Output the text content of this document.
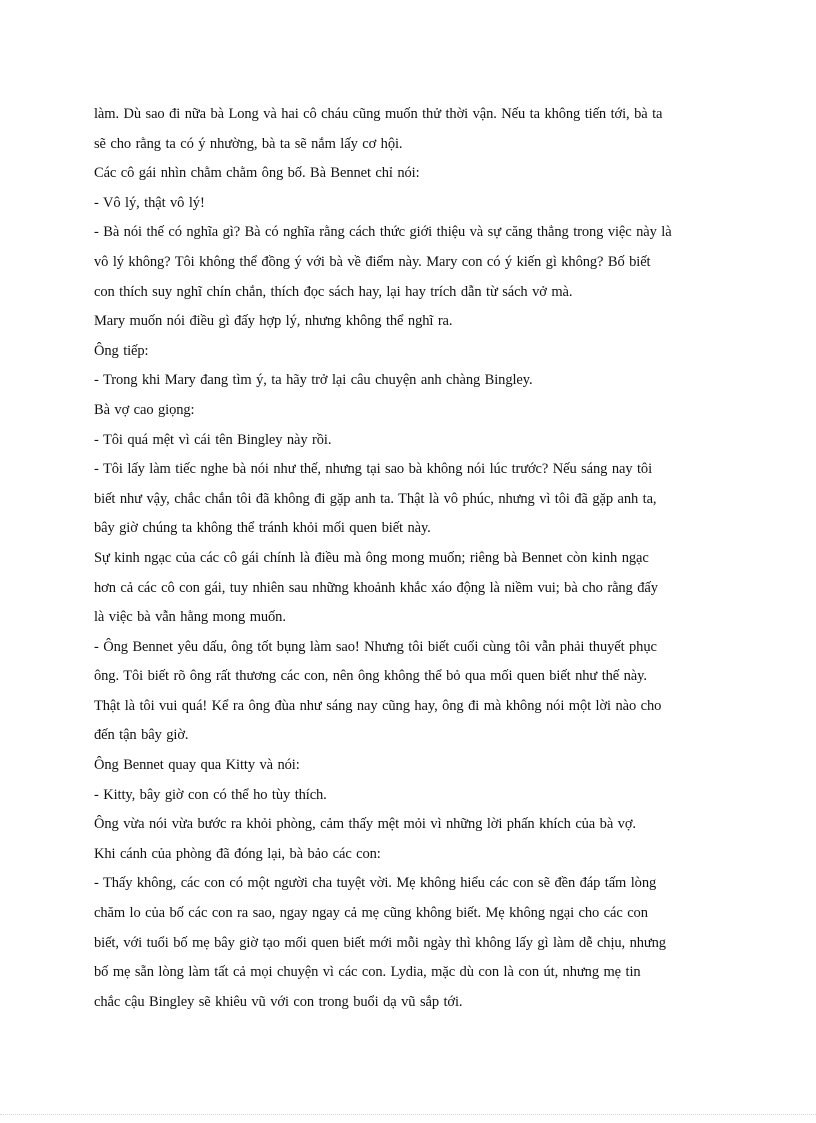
làm. Dù sao đi nữa bà Long và hai cô cháu cũng muốn thử thời vận. Nếu ta không tiến tới, bà ta
sẽ cho rằng ta có ý nhường, bà ta sẽ nắm lấy cơ hội.
Các cô gái nhìn chằm chằm ông bố. Bà Bennet chỉ nói:
- Vô lý, thật vô lý!
- Bà nói thế có nghĩa gì? Bà có nghĩa rằng cách thức giới thiệu và sự căng thẳng trong việc này là
vô lý không? Tôi không thể đồng ý với bà về điểm này. Mary con có ý kiến gì không? Bố biết
con thích suy nghĩ chín chắn, thích đọc sách hay, lại hay trích dẫn từ sách vở mà.
Mary muốn nói điều gì đấy hợp lý, nhưng không thể nghĩ ra.
Ông tiếp:
- Trong khi Mary đang tìm ý, ta hãy trở lại câu chuyện anh chàng Bingley.
Bà vợ cao giọng:
- Tôi quá mệt vì cái tên Bingley này rồi.
- Tôi lấy làm tiếc nghe bà nói như thế, nhưng tại sao bà không nói lúc trước? Nếu sáng nay tôi
biết như vậy, chắc chắn tôi đã không đi gặp anh ta. Thật là vô phúc, nhưng vì tôi đã gặp anh ta,
bây giờ chúng ta không thể tránh khỏi mối quen biết này.
Sự kinh ngạc của các cô gái chính là điều mà ông mong muốn; riêng bà Bennet còn kinh ngạc
hơn cả các cô con gái, tuy nhiên sau những khoảnh khắc xáo động là niềm vui; bà cho rằng đấy
là việc bà vẫn hằng mong muốn.
- Ông Bennet yêu dấu, ông tốt bụng làm sao! Nhưng tôi biết cuối cùng tôi vẫn phải thuyết phục
ông. Tôi biết rõ ông rất thương các con, nên ông không thể bỏ qua mối quen biết như thế này.
Thật là tôi vui quá! Kể ra ông đùa như sáng nay cũng hay, ông đi mà không nói một lời nào cho
đến tận bây giờ.
Ông Bennet quay qua Kitty và nói:
- Kitty, bây giờ con có thể ho tùy thích.
Ông vừa nói vừa bước ra khỏi phòng, cảm thấy mệt mỏi vì những lời phấn khích của bà vợ.
Khi cánh của phòng đã đóng lại, bà bảo các con:
- Thấy không, các con có một người cha tuyệt vời. Mẹ không hiểu các con sẽ đền đáp tấm lòng
chăm lo của bố các con ra sao, ngay ngay cả mẹ cũng không biết. Mẹ không ngại cho các con
biết, với tuổi bố mẹ bây giờ tạo mối quen biết mới mỗi ngày thì không lấy gì làm dễ chịu, nhưng
bố mẹ sẵn lòng làm tất cả mọi chuyện vì các con. Lydia, mặc dù con là con út, nhưng mẹ tin
chắc cậu Bingley sẽ khiêu vũ với con trong buổi dạ vũ sắp tới.
